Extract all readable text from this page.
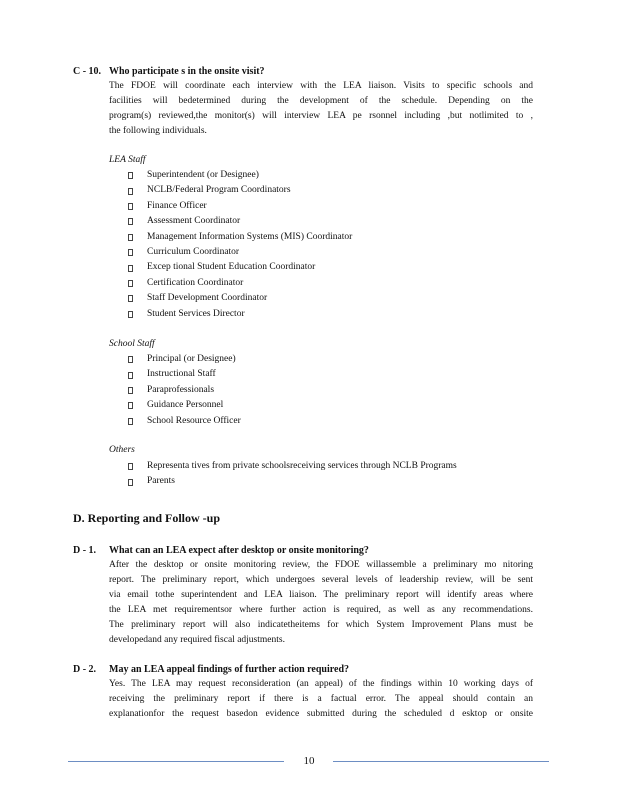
C - 10. Who participate s in the onsite visit?
The FDOE will coordinate each interview with the LEA liaison. Visits to specific schools and
facilities will bedetermined during the development of the schedule. Depending on the
program(s) reviewed,the monitor(s) will interview LEA pe rsonnel including ,but notlimited to ,
the following individuals.
LEA Staff
Superintendent (or Designee)
NCLB/Federal Program Coordinators
Finance Officer
Assessment Coordinator
Management Information Systems (MIS) Coordinator
Curriculum Coordinator
Excep tional Student Education Coordinator
Certification Coordinator
Staff Development Coordinator
Student Services Director
School Staff
Principal (or Designee)
Instructional Staff
Paraprofessionals
Guidance Personnel
School Resource Officer
Others
Representa tives from private schoolsreceiving services through NCLB Programs
Parents
D. Reporting and Follow -up
D - 1. What can an LEA expect after desktop or onsite monitoring?
After the desktop or onsite monitoring review, the FDOE willassemble a preliminary mo nitoring
report. The preliminary report, which undergoes several levels of leadership review, will be sent
via email tothe superintendent and LEA liaison. The preliminary report will identify areas where
the LEA met requirementsor where further action is required, as well as any recommendations.
The preliminary report will also indicatetheitems for which System Improvement Plans must be
developedand any required fiscal adjustments.
D - 2. May an LEA appeal findings of further action required?
Yes. The LEA may request reconsideration (an appeal) of the findings within 10 working days of
receiving the preliminary report if there is a factual error. The appeal should contain an
explanationfor the request basedon evidence submitted during the scheduled d esktop or onsite
10
